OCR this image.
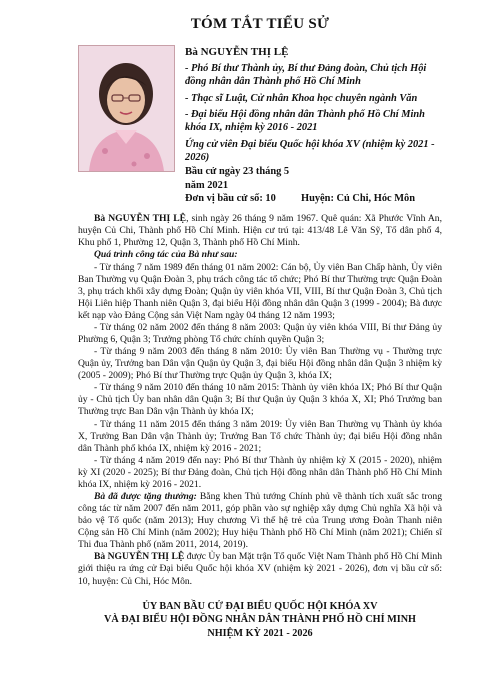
TÓM TẮT TIỂU SỬ
Bà NGUYỄN THỊ LỆ
- Phó Bí thư Thành ủy, Bí thư Đảng đoàn, Chủ tịch Hội đồng nhân dân Thành phố Hồ Chí Minh
- Thạc sĩ Luật, Cử nhân Khoa học chuyên ngành Văn
- Đại biểu Hội đồng nhân dân Thành phố Hồ Chí Minh khóa IX, nhiệm kỳ 2016 - 2021
Ứng cử viên Đại biểu Quốc hội khóa XV (nhiệm kỳ 2021 - 2026)
Bầu cử ngày 23 tháng 5 năm 2021
Đơn vị bầu cử số: 10	Huyện: Củ Chi, Hóc Môn

Bà NGUYỄN THỊ LỆ, sinh ngày 26 tháng 9 năm 1967. Quê quán: Xã Phước Vĩnh An, huyện Củ Chi, Thành phố Hồ Chí Minh. Hiện cư trú tại: 413/48 Lê Văn Sỹ, Tổ dân phố 4, Khu phố 1, Phường 12, Quận 3, Thành phố Hồ Chí Minh.

Quá trình công tác của Bà như sau:

- Từ tháng 7 năm 1989 đến tháng 01 năm 2002: Cán bộ, Ủy viên Ban Chấp hành, Ủy viên Ban Thường vụ Quận Đoàn 3, phụ trách công tác tổ chức; Phó Bí thư Thường trực Quận Đoàn 3, phụ trách khối xây dựng Đoàn; Quận ủy viên khóa VII, VIII, Bí thư Quận Đoàn 3, Chủ tịch Hội Liên hiệp Thanh niên Quận 3, đại biểu Hội đồng nhân dân Quận 3 (1999 - 2004); Bà được kết nạp vào Đảng Cộng sản Việt Nam ngày 04 tháng 12 năm 1993;

- Từ tháng 02 năm 2002 đến tháng 8 năm 2003: Quận ủy viên khóa VIII, Bí thư Đảng ủy Phường 6, Quận 3; Trưởng phòng Tổ chức chính quyền Quận 3;

- Từ tháng 9 năm 2003 đến tháng 8 năm 2010: Ủy viên Ban Thường vụ - Thường trực Quận ủy, Trưởng ban Dân vận Quận ủy Quận 3, đại biểu Hội đồng nhân dân Quận 3 nhiệm kỳ (2005 - 2009); Phó Bí thư Thường trực Quận ủy Quận 3, khóa IX;

- Từ tháng 9 năm 2010 đến tháng 10 năm 2015: Thành ủy viên khóa IX; Phó Bí thư Quận ủy - Chủ tịch Ủy ban nhân dân Quận 3; Bí thư Quận ủy Quận 3 khóa X, XI; Phó Trưởng ban Thường trực Ban Dân vận Thành ủy khóa IX;

- Từ tháng 11 năm 2015 đến tháng 3 năm 2019: Ủy viên Ban Thường vụ Thành ủy khóa X, Trưởng Ban Dân vận Thành ủy; Trưởng Ban Tổ chức Thành ủy; đại biểu Hội đồng nhân dân Thành phố khóa IX, nhiệm kỳ 2016 - 2021;

- Từ tháng 4 năm 2019 đến nay: Phó Bí thư Thành ủy nhiệm kỳ X (2015 - 2020), nhiệm kỳ XI (2020 - 2025); Bí thư Đảng đoàn, Chủ tịch Hội đồng nhân dân Thành phố Hồ Chí Minh khóa IX, nhiệm kỳ 2016 - 2021.

Bà đã được tặng thưởng: Bằng khen Thủ tướng Chính phủ về thành tích xuất sắc trong công tác từ năm 2007 đến năm 2011, góp phần vào sự nghiệp xây dựng Chủ nghĩa Xã hội và bảo vệ Tổ quốc (năm 2013); Huy chương Vì thế hệ trẻ của Trung ương Đoàn Thanh niên Cộng sản Hồ Chí Minh (năm 2002); Huy hiệu Thành phố Hồ Chí Minh (năm 2021); Chiến sĩ Thi đua Thành phố (năm 2011, 2014, 2019).

Bà NGUYỄN THỊ LỆ được Ủy ban Mặt trận Tổ quốc Việt Nam Thành phố Hồ Chí Minh giới thiệu ra ứng cử Đại biểu Quốc hội khóa XV (nhiệm kỳ 2021 - 2026), đơn vị bầu cử số: 10, huyện: Củ Chi, Hóc Môn.

ỦY BAN BẦU CỬ ĐẠI BIỂU QUỐC HỘI KHÓA XV
VÀ ĐẠI BIỂU HỘI ĐỒNG NHÂN DÂN THÀNH PHỐ HỒ CHÍ MINH
NHIỆM KỲ 2021 - 2026
